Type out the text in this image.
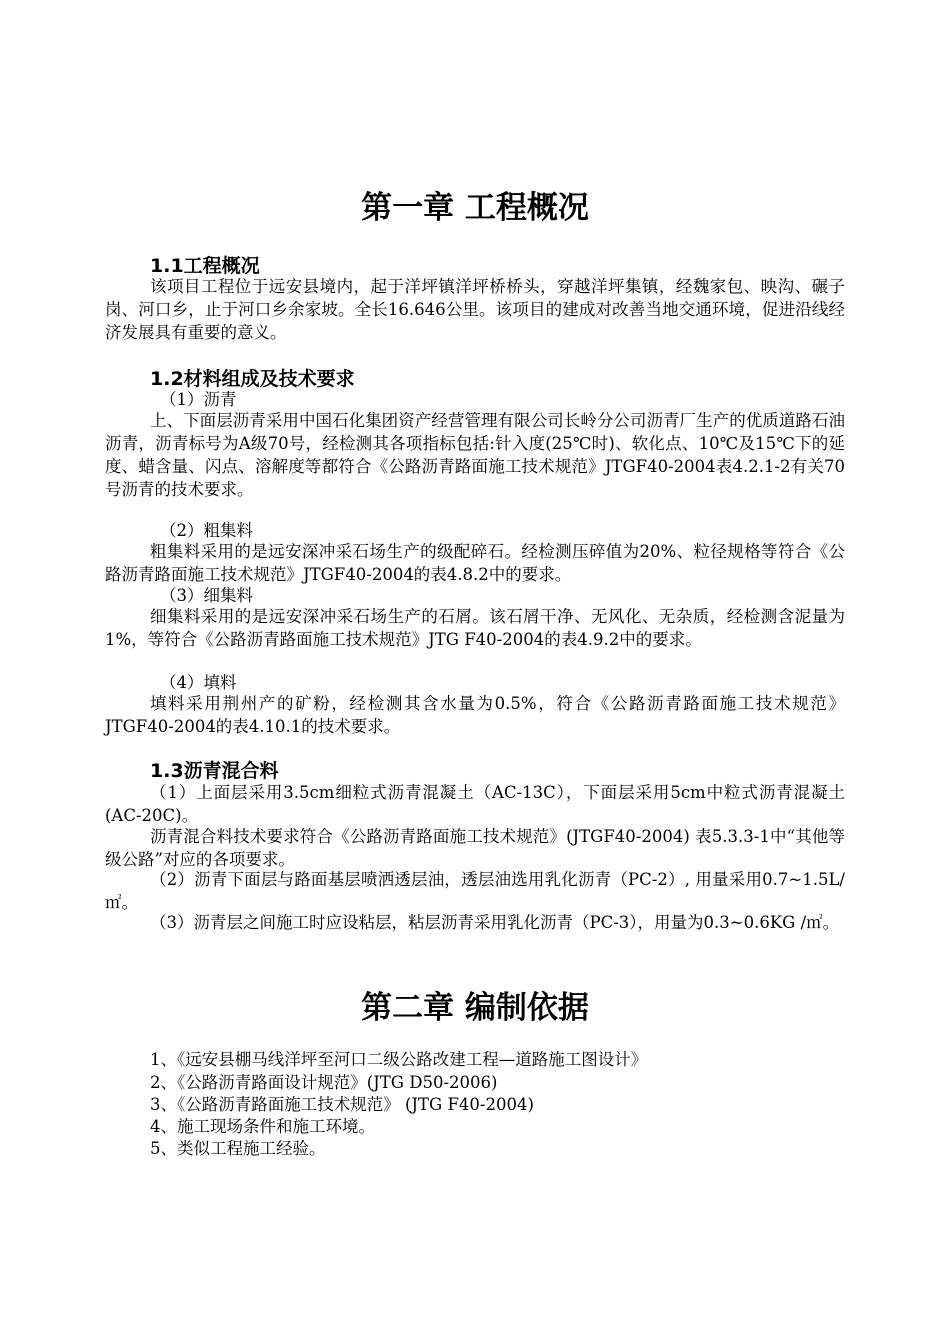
第一章 工程概况
1.1工程概况

该项目工程位于远安县境内，起于洋坪镇洋坪桥桥头，穿越洋坪集镇，经魏家包、映沟、碾子岗、河口乡，止于河口乡余家坡。全长16.646公里。该项目的建成对改善当地交通环境，促进沿线经济发展具有重要的意义。

1.2材料组成及技术要求
（1）沥青

上、下面层沥青采用中国石化集团资产经营管理有限公司长岭分公司沥青厂生产的优质道路石油沥青，沥青标号为A级70号，经检测其各项指标包括:针入度(25℃时)、软化点、10℃及15℃下的延度、蜡含量、闪点、溶解度等都符合《公路沥青路面施工技术规范》JTGF40-2004表4.2.1-2有关70号沥青的技术要求。

（2）粗集料

粗集料采用的是远安深冲采石场生产的级配碎石。经检测压碎值为20%、粒径规格等符合《公路沥青路面施工技术规范》JTGF40-2004的表4.8.2中的要求。

（3）细集料

细集料采用的是远安深冲采石场生产的石屑。该石屑干净、无风化、无杂质，经检测含泥量为1%，等符合《公路沥青路面施工技术规范》JTG F40-2004的表4.9.2中的要求。

（4）填料

填料采用荆州产的矿粉，经检测其含水量为0.5%，符合《公路沥青路面施工技术规范》JTGF40-2004的表4.10.1的技术要求。

1.3沥青混合料

（1）上面层采用3.5cm细粒式沥青混凝土（AC-13C），下面层采用5cm中粒式沥青混凝土(AC-20C)。

沥青混合料技术要求符合《公路沥青路面施工技术规范》(JTGF40-2004) 表5.3.3-1中“其他等级公路”对应的各项要求。

（2）沥青下面层与路面基层喷洒透层油，透层油选用乳化沥青（PC-2）, 用量采用0.7~1.5L/㎡。

（3）沥青层之间施工时应设粘层，粘层沥青采用乳化沥青（PC-3），用量为0.3~0.6KG /㎡。

第二章 编制依据
1、《远安县棚马线洋坪至河口二级公路改建工程—道路施工图设计》
2、《公路沥青路面设计规范》(JTG D50-2006)
3、《公路沥青路面施工技术规范》 (JTG F40-2004)
4、施工现场条件和施工环境。
5、类似工程施工经验。
